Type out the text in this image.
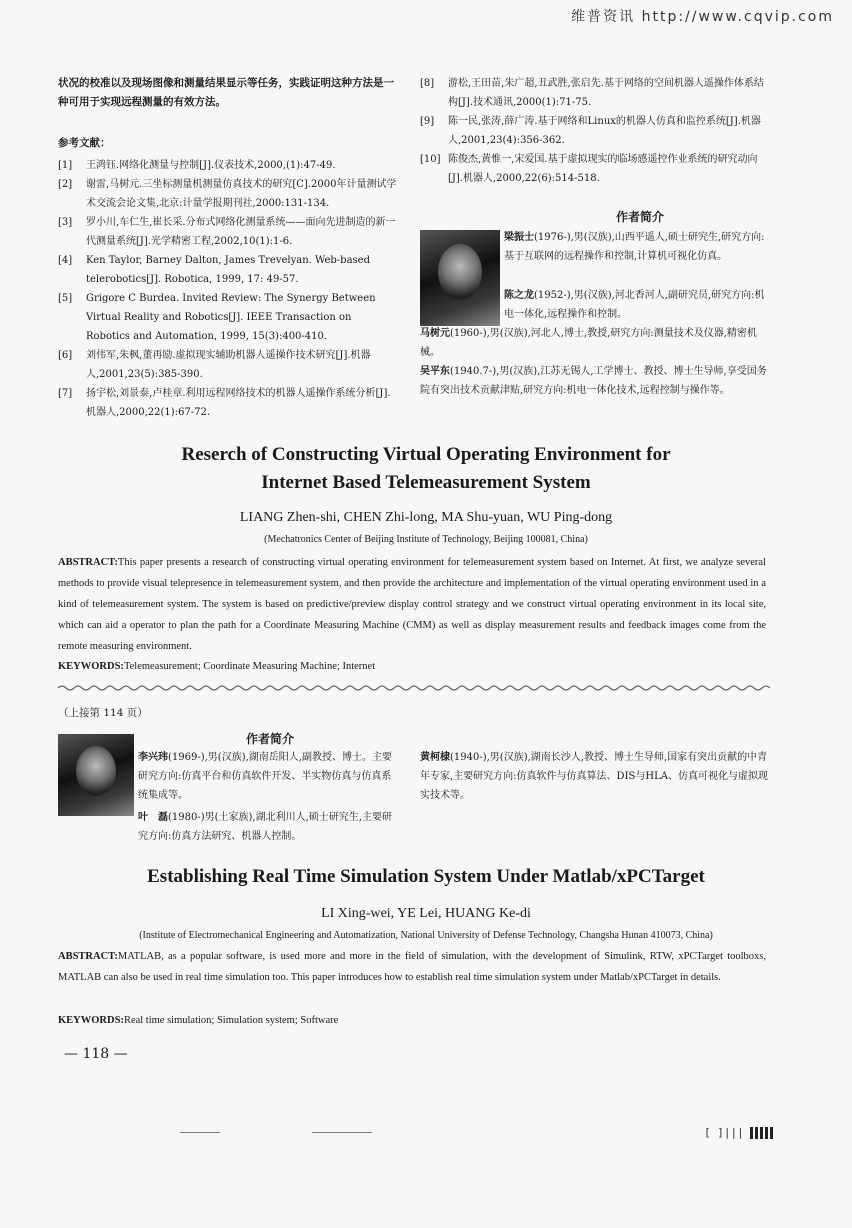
维普资讯 http://www.cqvip.com
状况的校准以及现场图像和测量结果显示等任务，实践证明这种方法是一种可用于实现远程测量的有效方法。
参考文献：
[1]	王鸿钰.网络化测量与控制[J].仪表技术,2000,(1):47-49.
[2]	谢雷,马树元.三坐标测量机测量仿真技术的研究[C].2000年计量测试学术交流会论文集,北京:计量学报期刊社,2000:131-134.
[3]	罗小川,车仁生,崔长采.分布式网络化测量系统——面向先进制造的新一代测量系统[J].光学精密工程,2002,10(1):1-6.
[4]	Ken Taylor, Barney Dalton, James Trevelyan. Web-based telerobotics[J]. Robotica, 1999, 17: 49-57.
[5]	Grigore C Burdea. Invited Review: The Synergy Between Virtual Reality and Robotics[J]. IEEE Transaction on Robotics and Automation, 1999, 15(3):400-410.
[6]	刘伟军,朱枫,董再励.虚拟现实辅助机器人遥操作技术研究[J].机器人,2001,23(5):385-390.
[7]	扬宇松,刘景泰,卢桂章.利用远程网络技术的机器人遥操作系统分析[J].机器人,2000,22(1):67-72.
[8]	游松,王田苗,朱广超,丑武胜,张启先.基于网络的空间机器人遥操作体系结构[J].技术通讯,2000(1):71-75.
[9]	陈一民,张涛,薛广涛.基于网络和Linux的机器人仿真和监控系统[J].机器人,2001,23(4):356-362.
[10] 陈俊杰,黄惟一,宋爱国.基于虚拟现实的临场感遥控作业系统的研究动向[J].机器人,2000,22(6):514-518.
作者简介
梁振士(1976-),男(汉族),山西平遥人,硕士研究生,研究方向:基于互联网的远程操作和控制,计算机可视化仿真。
陈之龙(1952-),男(汉族),河北香河人,副研究员,研究方向:机电一体化,远程操作和控制。
马树元(1960-),男(汉族),河北人,博士,教授,研究方向:测量技术及仪器,精密机械。
吴平东(1940.7-),男(汉族),江苏无锡人,工学博士、教授、博士生导师,享受国务院有突出技术贡献津贴,研究方向:机电一体化技术,远程控制与操作等。
Reserch of Constructing Virtual Operating Environment for
Internet Based Telemeasurement System
LIANG Zhen-shi, CHEN Zhi-long, MA Shu-yuan, WU Ping-dong
(Mechatronics Center of Beijing Institute of Technology, Beijing 100081, China)
ABSTRACT:This paper presents a research of constructing virtual operating environment for telemeasurement system based on Internet. At first, we analyze several methods to provide visual telepresence in telemeasurement system, and then provide the architecture and implementation of the virtual operating environment used in a kind of telemeasurement system. The system is based on predictive/preview display control strategy and we construct virtual operating environment in its local site, which can aid a operator to plan the path for a Coordinate Measuring Machine (CMM) as well as display measurement results and feedback images come from the remote measuring environment.
KEYWORDS:Telemeasurement; Coordinate Measuring Machine; Internet
（上接第 114 页）
作者简介
李兴玮(1969-),男(汉族),湖南岳阳人,副教授、博士。主要研究方向:仿真平台和仿真软件开发、半实物仿真与仿真系统集成等。
叶　磊(1980-)男(土家族),湖北利川人,硕士研究生,主要研究方向:仿真方法研究、机器人控制。
黄柯棣(1940-),男(汉族),湖南长沙人,教授、博士生导师,国家有突出贡献的中青年专家,主要研究方向:仿真软件与仿真算法、DIS与HLA、仿真可视化与虚拟现实技术等。
Establishing Real Time Simulation System Under Matlab/xPCTarget
LI Xing-wei, YE Lei, HUANG Ke-di
(Institute of Electromechanical Engineering and Automatization, National University of Defense Technology, Changsha Hunan 410073, China)
ABSTRACT:MATLAB, as a popular software, is used more and more in the field of simulation, with the development of Simulink, RTW, xPCTarget toolboxs, MATLAB can also be used in real time simulation too. This paper introduces how to establish real time simulation system under Matlab/xPCTarget in details.
KEYWORDS:Real time simulation; Simulation system; Software
— 118 —
[ ]|||
